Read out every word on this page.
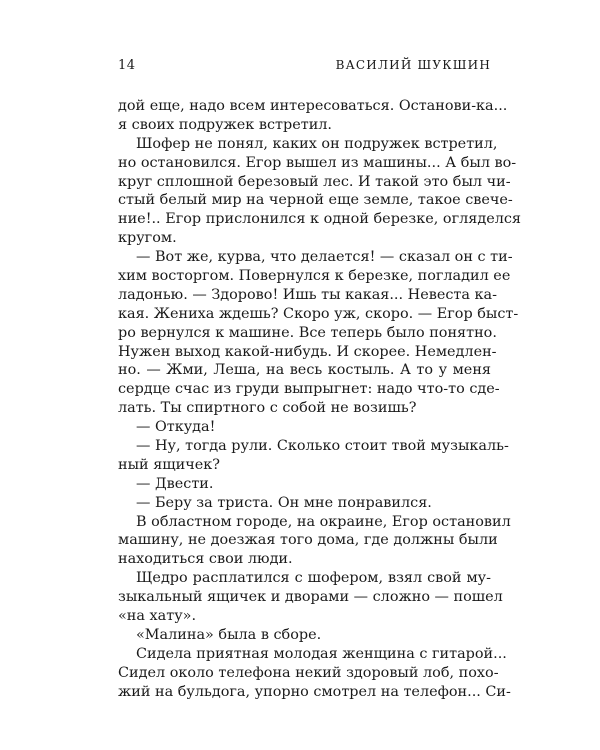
14	ВАСИЛИЙ ШУКШИН
дой еще, надо всем интересоваться. Останови-ка...
я своих подружек встретил.
Шофер не понял, каких он подружек встретил,
но остановился. Егор вышел из машины... А был во-
круг сплошной березовый лес. И такой это был чи-
стый белый мир на черной еще земле, такое свече-
ние!.. Егор прислонился к одной березке, огляделся
кругом.
— Вот же, курва, что делается! — сказал он с ти-
хим восторгом. Повернулся к березке, погладил ее
ладонью. — Здорово! Ишь ты какая... Невеста ка-
кая. Жениха ждешь? Скоро уж, скоро. — Егор быст-
ро вернулся к машине. Все теперь было понятно.
Нужен выход какой-нибудь. И скорее. Немедлен-
но. — Жми, Леша, на весь костыль. А то у меня
сердце счас из груди выпрыгнет: надо что-то сде-
лать. Ты спиртного с собой не возишь?
— Откуда!
— Ну, тогда рули. Сколько стоит твой музыкаль-
ный ящичек?
— Двести.
— Беру за триста. Он мне понравился.
В областном городе, на окраине, Егор остановил
машину, не доезжая того дома, где должны были
находиться свои люди.
Щедро расплатился с шофером, взял свой му-
зыкальный ящичек и дворами — сложно — пошел
«на хату».
«Малина» была в сборе.
Сидела приятная молодая женщина с гитарой...
Сидел около телефона некий здоровый лоб, похо-
жий на бульдога, упорно смотрел на телефон... Си-
